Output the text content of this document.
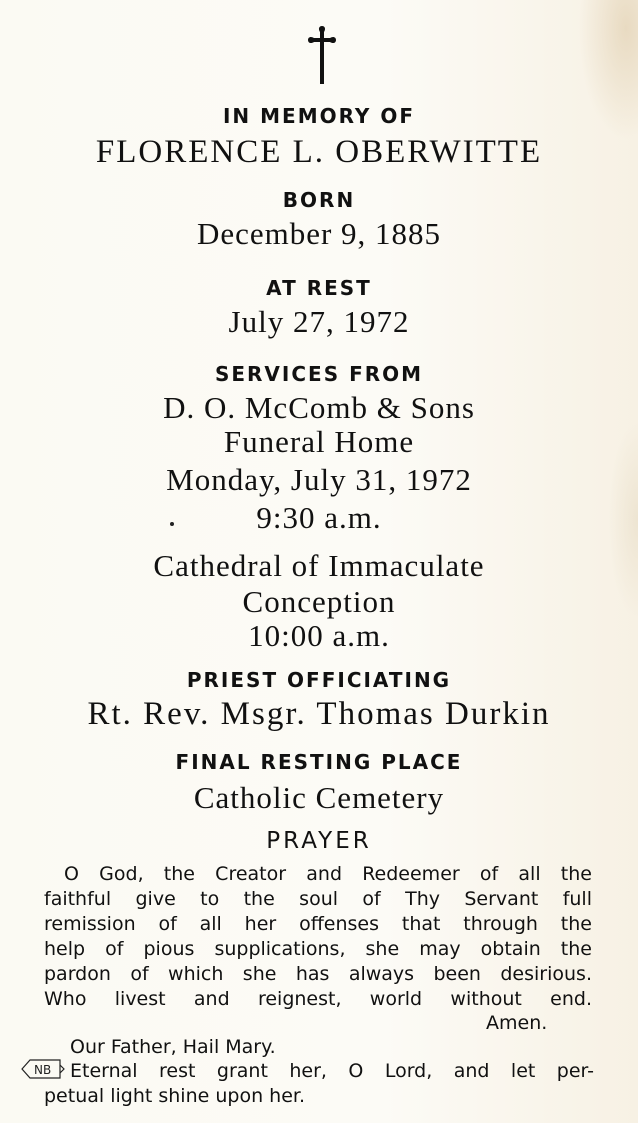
IN MEMORY OF
FLORENCE L. OBERWITTE
BORN
December 9, 1885
AT REST
July 27, 1972
SERVICES FROM
D. O. McComb & Sons
Funeral Home
Monday, July 31, 1972
9:30 a.m.
Cathedral of Immaculate
Conception
10:00 a.m.
PRIEST OFFICIATING
Rt. Rev. Msgr. Thomas Durkin
FINAL RESTING PLACE
Catholic Cemetery
PRAYER
O God, the Creator and Redeemer of all the
faithful give to the soul of Thy Servant full
remission of all her offenses that through the
help of pious supplications, she may obtain the
pardon of which she has always been desirious.
Who livest and reignest, world without end.
Amen.
Our Father, Hail Mary.
NB Eternal rest grant her, O Lord, and let per-
petual light shine upon her.
